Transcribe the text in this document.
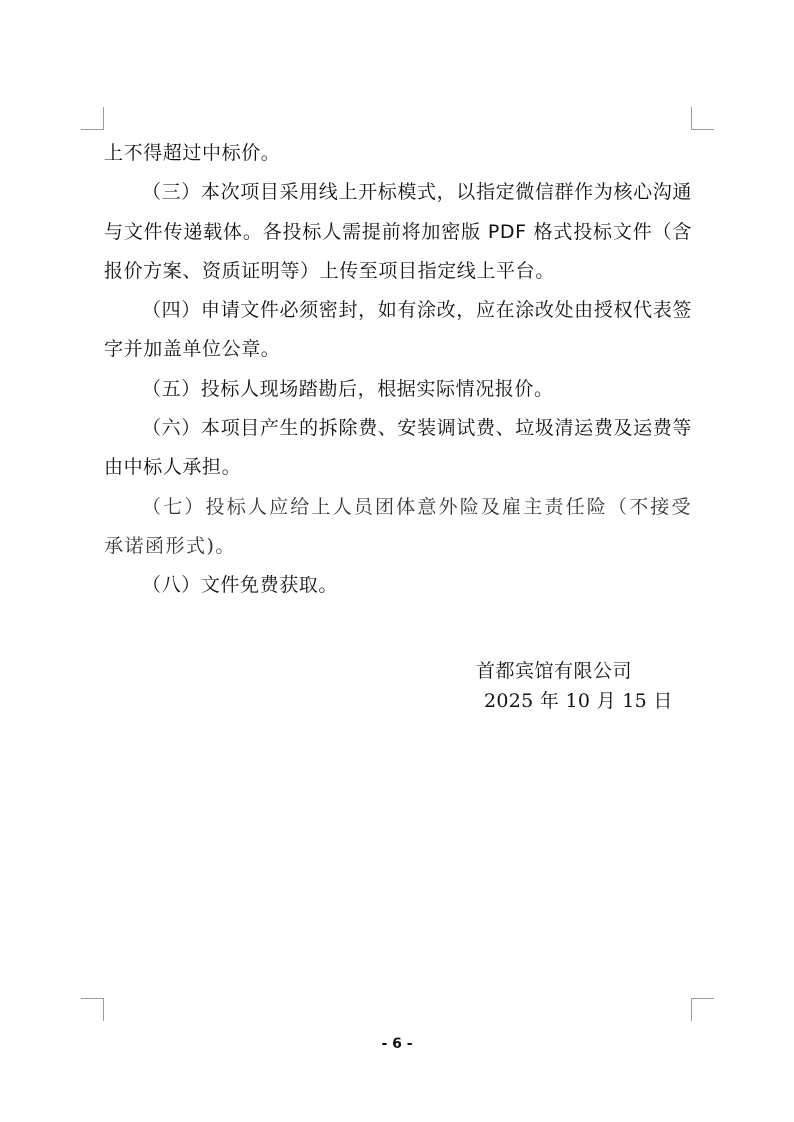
上不得超过中标价。

（三）本次项目采用线上开标模式，以指定微信群作为核心沟通与文件传递载体。各投标人需提前将加密版 PDF 格式投标文件（含报价方案、资质证明等）上传至项目指定线上平台。

（四）申请文件必须密封，如有涂改，应在涂改处由授权代表签字并加盖单位公章。

（五）投标人现场踏勘后，根据实际情况报价。

（六）本项目产生的拆除费、安装调试费、垃圾清运费及运费等由中标人承担。

（七）投标人应给上人员团体意外险及雇主责任险（不接受承诺函形式)。

（八）文件免费获取。

首都宾馆有限公司
2025 年 10 月 15 日
- 6 -
